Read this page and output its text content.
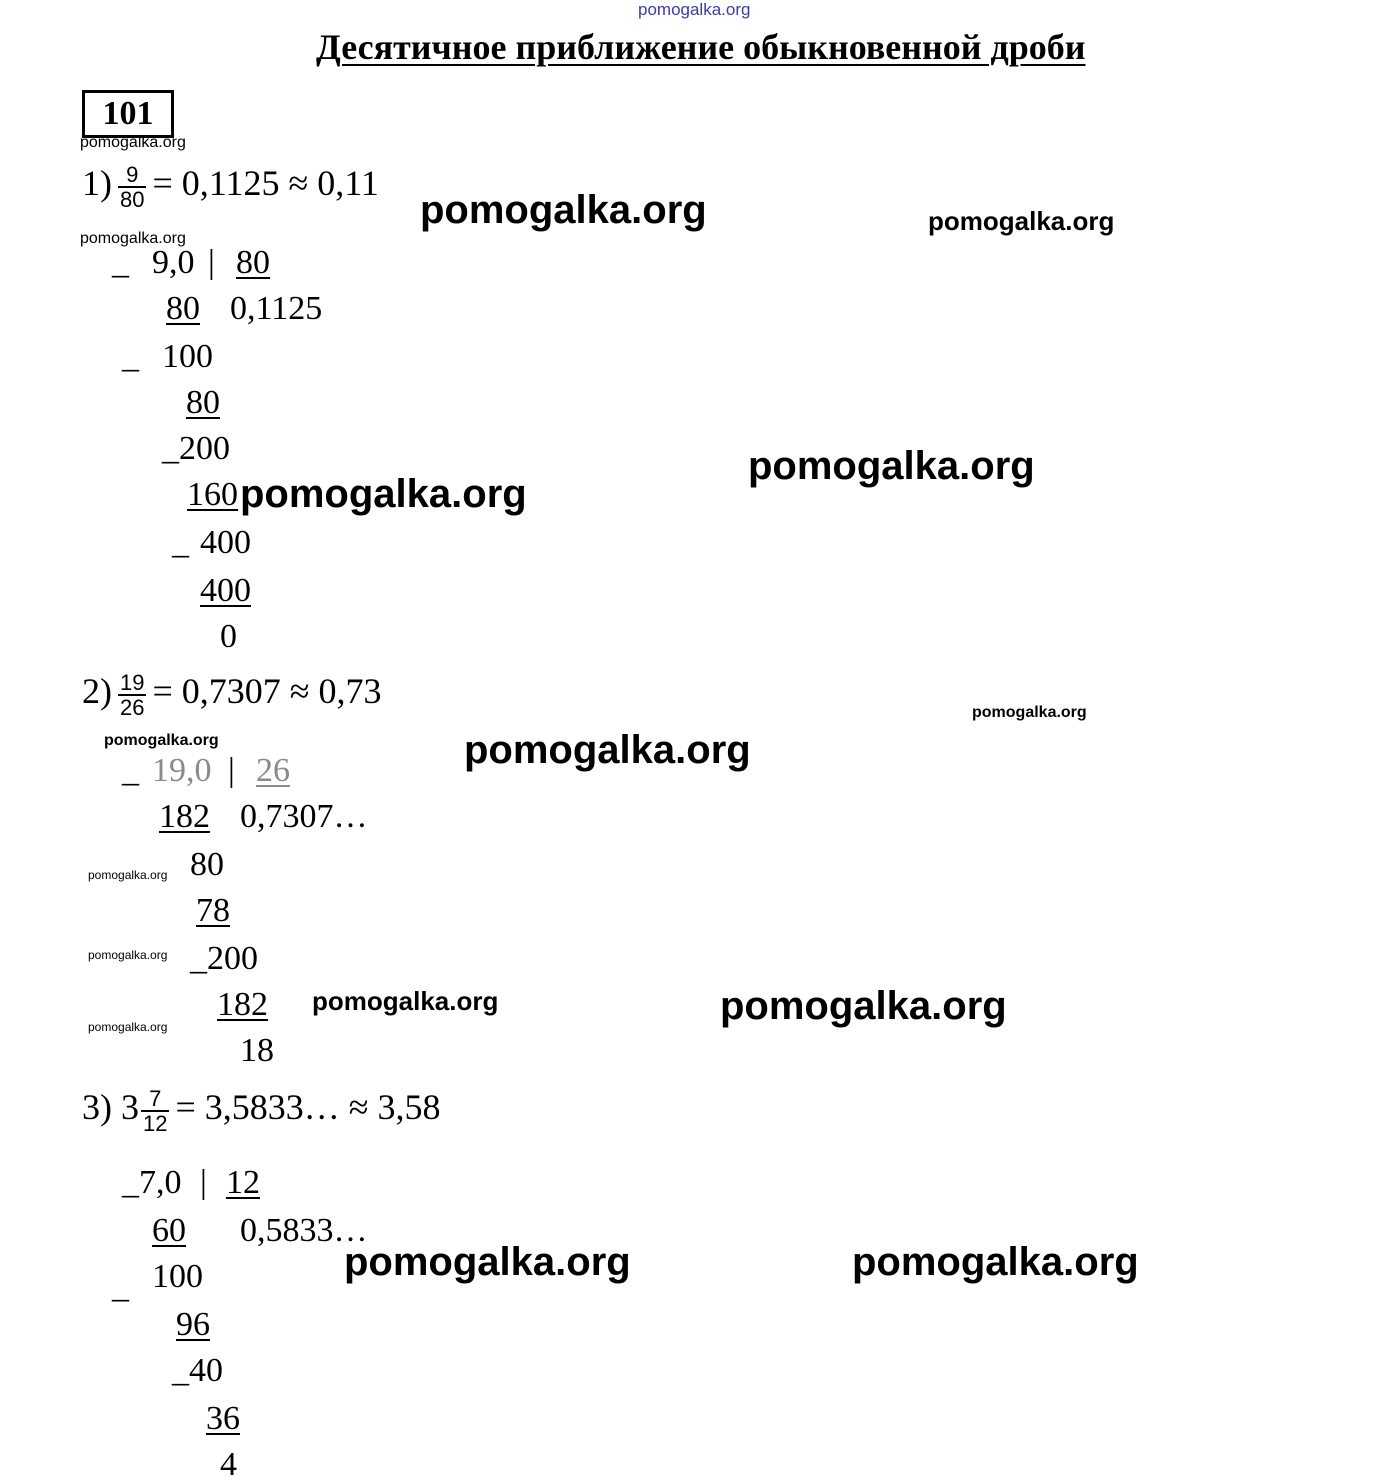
pomogalka.org
Десятичное приближение обыкновенной дроби
101
$1) \frac{9}{80} = 0,1125 \approx 0,11$
_ 9,0 | 80
80 0,1125
_ 100
80
_200
160
_ 400
400
0
$2) \frac{19}{26} = 0,7307 \approx 0,73$
_ 19,0 | 26
182 0,7307…
80
78
_200
182
18
3) $3 \frac{7}{12}$ = 3,5833… ≈ 3,58
_7,0 | 12
60 0,5833…
_ 100
96
_40
36
4
pomogalka.org
pomogalka.org	pomogalka.org
pomogalka.org
pomogalka.org
pomogalka.org
pomogalka.org
pomogalka.org	pomogalka.org
pomogalka.org
pomogalka.org
pomogalka.org	pomogalka.org
pomogalka.org
pomogalka.org	pomogalka.org
